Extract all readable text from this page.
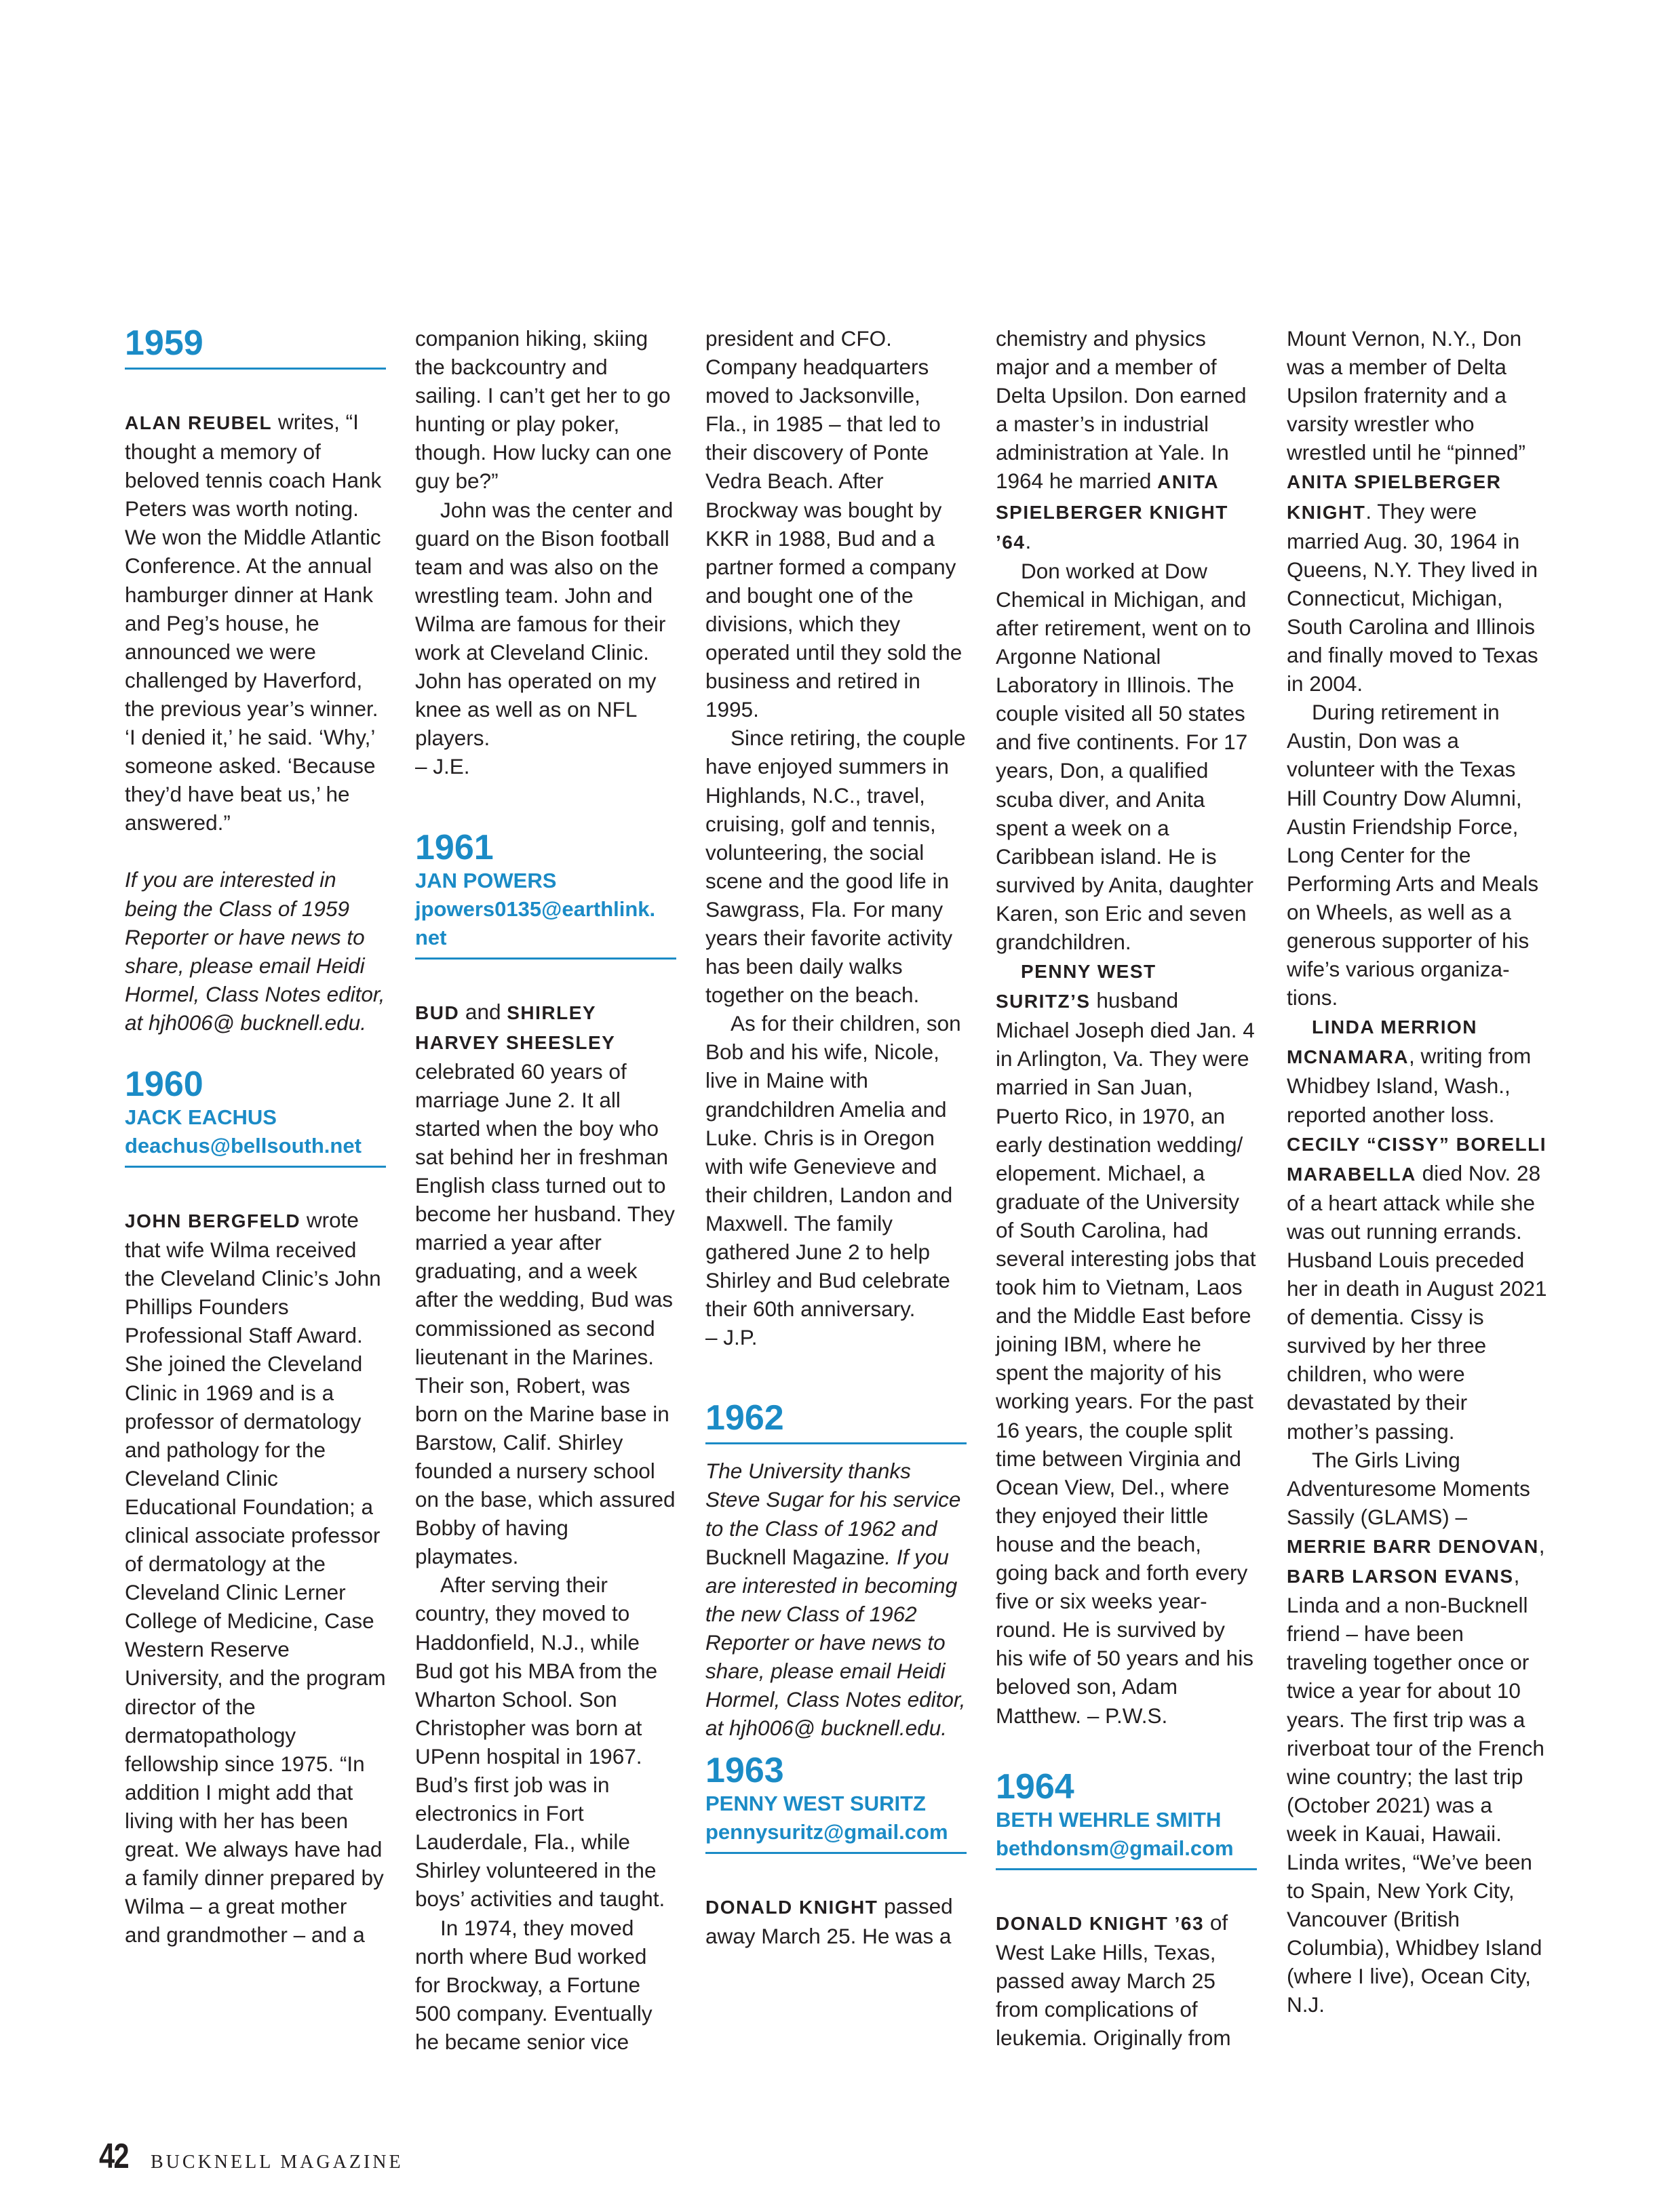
1959

ALAN REUBEL writes, “I thought a memory of beloved tennis coach Hank Peters was worth noting. We won the Middle Atlantic Conference. At the annual hamburger dinner at Hank and Peg’s house, he announced we were challenged by Haverford, the previous year’s winner. ‘I denied it,’ he said. ‘Why,’ someone asked. ‘Because they’d have beat us,’ he answered.”

If you are interested in being the Class of 1959 Reporter or have news to share, please email Heidi Hormel, Class Notes editor, at hjh006@ bucknell.edu.

1960
JACK EACHUS
deachus@bellsouth.net

JOHN BERGFELD wrote that wife Wilma received the Cleveland Clinic’s John Phillips Founders Professional Staff Award. She joined the Cleveland Clinic in 1969 and is a professor of dermatology and pathology for the Cleveland Clinic Educational Foundation; a clinical associate professor of dermatology at the Cleveland Clinic Lerner College of Medicine, Case Western Reserve University, and the program director of the dermatopathology fellowship since 1975. “In addition I might add that living with her has been great. We always have had a family dinner prepared by Wilma – a great mother and grandmother – and a

companion hiking, skiing the backcountry and sailing. I can’t get her to go hunting or play poker, though. How lucky can one guy be?”

John was the center and guard on the Bison football team and was also on the wrestling team. John and Wilma are famous for their work at Cleveland Clinic. John has operated on my knee as well as on NFL players.

– J.E.

1961
JAN POWERS
jpowers0135@earthlink. net

BUD and SHIRLEY HARVEY SHEESLEY celebrated 60 years of marriage June 2. It all started when the boy who sat behind her in freshman English class turned out to become her husband. They married a year after graduating, and a week after the wedding, Bud was commissioned as second lieutenant in the Marines. Their son, Robert, was born on the Marine base in Barstow, Calif. Shirley founded a nursery school on the base, which assured Bobby of having playmates.

After serving their country, they moved to Haddonfield, N.J., while Bud got his MBA from the Wharton School. Son Christopher was born at UPenn hospital in 1967. Bud’s first job was in electronics in Fort Lauderdale, Fla., while Shirley volunteered in the boys’ activities and taught.

In 1974, they moved north where Bud worked for Brockway, a Fortune 500 company. Eventually he became senior vice

president and CFO. Company headquarters moved to Jacksonville, Fla., in 1985 – that led to their discovery of Ponte Vedra Beach. After Brockway was bought by KKR in 1988, Bud and a partner formed a company and bought one of the divisions, which they operated until they sold the business and retired in 1995.

Since retiring, the couple have enjoyed summers in Highlands, N.C., travel, cruising, golf and tennis, volunteering, the social scene and the good life in Sawgrass, Fla. For many years their favorite activity has been daily walks together on the beach.

As for their children, son Bob and his wife, Nicole, live in Maine with grandchildren Amelia and Luke. Chris is in Oregon with wife Genevieve and their children, Landon and Maxwell. The family gathered June 2 to help Shirley and Bud celebrate their 60th anniversary.

– J.P.

1962

The University thanks Steve Sugar for his service to the Class of 1962 and Bucknell Magazine. If you are interested in becoming the new Class of 1962 Reporter or have news to share, please email Heidi Hormel, Class Notes editor, at hjh006@ bucknell.edu.

1963
PENNY WEST SURITZ
pennysuritz@gmail.com

DONALD KNIGHT passed away March 25. He was a

chemistry and physics major and a member of Delta Upsilon. Don earned a master’s in industrial administration at Yale. In 1964 he married ANITA SPIELBERGER KNIGHT ’64.

Don worked at Dow Chemical in Michigan, and after retirement, went on to Argonne National Laboratory in Illinois. The couple visited all 50 states and five continents. For 17 years, Don, a qualified scuba diver, and Anita spent a week on a Caribbean island. He is survived by Anita, daughter Karen, son Eric and seven grandchildren.

PENNY WEST SURITZ’S husband Michael Joseph died Jan. 4 in Arlington, Va. They were married in San Juan, Puerto Rico, in 1970, an early destination wedding/ elopement. Michael, a graduate of the University of South Carolina, had several interesting jobs that took him to Vietnam, Laos and the Middle East before joining IBM, where he spent the majority of his working years. For the past 16 years, the couple split time between Virginia and Ocean View, Del., where they enjoyed their little house and the beach, going back and forth every five or six weeks year-round. He is survived by his wife of 50 years and his beloved son, Adam Matthew. – P.W.S.

1964
BETH WEHRLE SMITH
bethdonsm@gmail.com

DONALD KNIGHT ’63 of West Lake Hills, Texas, passed away March 25 from complications of leukemia. Originally from

Mount Vernon, N.Y., Don was a member of Delta Upsilon fraternity and a varsity wrestler who wrestled until he “pinned” ANITA SPIELBERGER KNIGHT. They were married Aug. 30, 1964 in Queens, N.Y. They lived in Connecticut, Michigan, South Carolina and Illinois and finally moved to Texas in 2004.

During retirement in Austin, Don was a volunteer with the Texas Hill Country Dow Alumni, Austin Friendship Force, Long Center for the Performing Arts and Meals on Wheels, as well as a generous supporter of his wife’s various organizations.

LINDA MERRION MCNAMARA, writing from Whidbey Island, Wash., reported another loss. CECILY “CISSY” BORELLI MARABELLA died Nov. 28 of a heart attack while she was out running errands. Husband Louis preceded her in death in August 2021 of dementia. Cissy is survived by her three children, who were devastated by their mother’s passing.

The Girls Living Adventuresome Moments Sassily (GLAMS) – MERRIE BARR DENOVAN, BARB LARSON EVANS, Linda and a non-Bucknell friend – have been traveling together once or twice a year for about 10 years. The first trip was a riverboat tour of the French wine country; the last trip (October 2021) was a week in Kauai, Hawaii. Linda writes, “We’ve been to Spain, New York City, Vancouver (British Columbia), Whidbey Island (where I live), Ocean City, N.J.

42 BUCKNELL MAGAZINE
